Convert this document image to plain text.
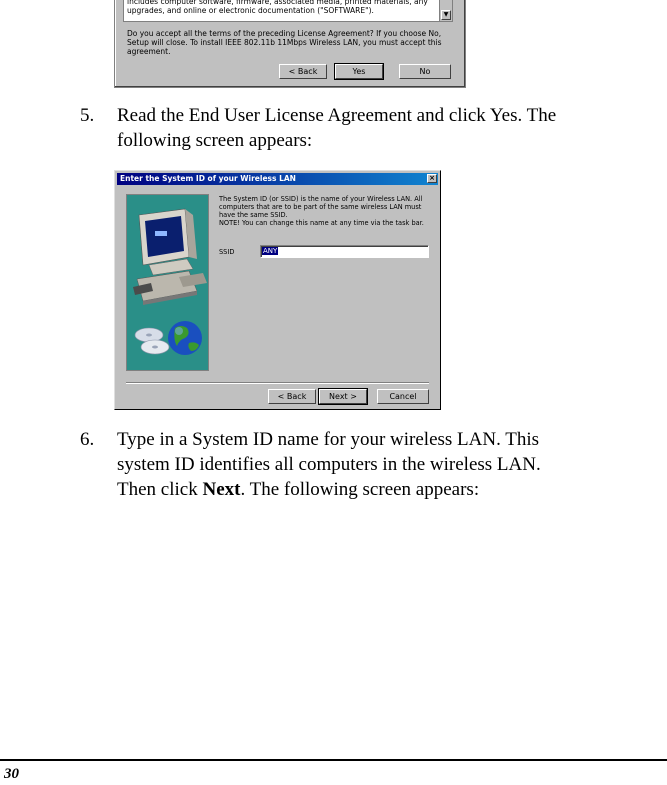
includes computer software, firmware, associated media, printed materials, any upgrades, and online or electronic documentation ("SOFTWARE").	▼
Do you accept all the terms of the preceding License Agreement? If you choose No, Setup will close. To install IEEE 802.11b 11Mbps Wireless LAN, you must accept this agreement.
< Back	Yes	No
5. Read the End User License Agreement and click Yes. The
following screen appears:
Enter the System ID of your Wireless LAN	×
The System ID (or SSID) is the name of your Wireless LAN. All
computers that are to be part of the same wireless LAN must
have the same SSID.
NOTE! You can change this name at any time via the task bar.
SSID	ANY
< Back	Next >	Cancel
6. Type in a System ID name for your wireless LAN. This
system ID identifies all computers in the wireless LAN.
Then click Next. The following screen appears:
30
